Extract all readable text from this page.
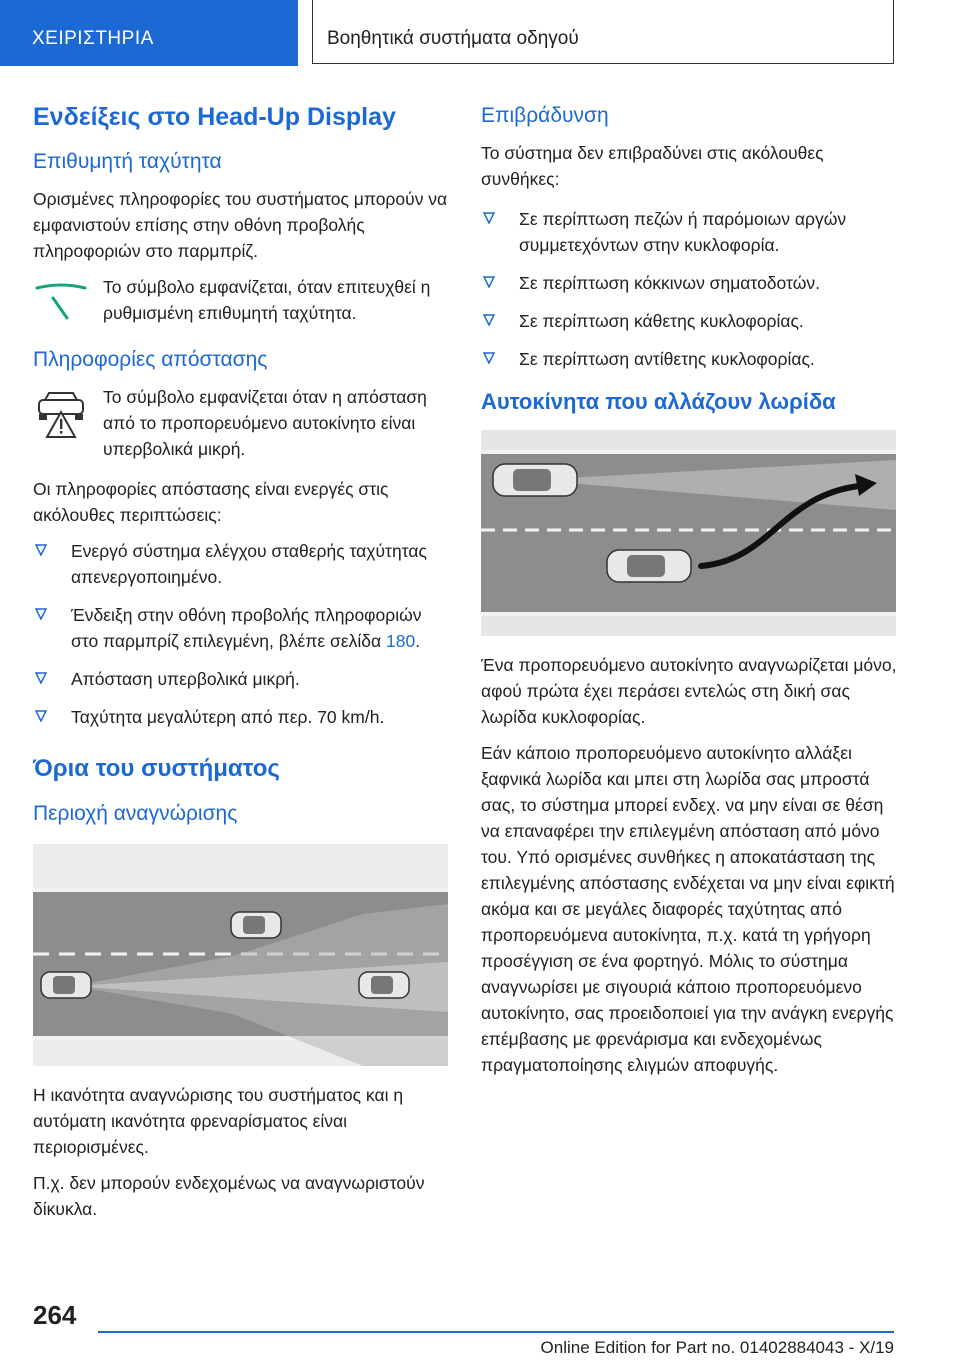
ΧΕΙΡΙΣΤΗΡΙΑ	Βοηθητικά συστήματα οδηγού
Ενδείξεις στο Head-Up Display
Επιθυμητή ταχύτητα

Ορισμένες πληροφορίες του συστήματος μπορούν να εμφανιστούν επίσης στην οθόνη προβολής πληροφοριών στο παρμπρίζ.

Το σύμβολο εμφανίζεται, όταν επιτευχθεί η ρυθμισμένη επιθυμητή ταχύτητα.

Πληροφορίες απόστασης

Το σύμβολο εμφανίζεται όταν η απόσταση από το προπορευόμενο αυτοκίνητο είναι υπερβολικά μικρή.

Οι πληροφορίες απόστασης είναι ενεργές στις ακόλουθες περιπτώσεις:

Ενεργό σύστημα ελέγχου σταθερής ταχύτητας απενεργοποιημένο.
Ένδειξη στην οθόνη προβολής πληροφοριών στο παρμπρίζ επιλεγμένη, βλέπε σελίδα 180.
Απόσταση υπερβολικά μικρή.
Ταχύτητα μεγαλύτερη από περ. 70 km/h.
Όρια του συστήματος
Περιοχή αναγνώρισης

Η ικανότητα αναγνώρισης του συστήματος και η αυτόματη ικανότητα φρεναρίσματος είναι περιορισμένες.

Π.χ. δεν μπορούν ενδεχομένως να αναγνωριστούν δίκυκλα.

Επιβράδυνση

Το σύστημα δεν επιβραδύνει στις ακόλουθες συνθήκες:

Σε περίπτωση πεζών ή παρόμοιων αργών συμμετεχόντων στην κυκλοφορία.
Σε περίπτωση κόκκινων σηματοδοτών.
Σε περίπτωση κάθετης κυκλοφορίας.
Σε περίπτωση αντίθετης κυκλοφορίας.
Αυτοκίνητα που αλλάζουν λωρίδα

Ένα προπορευόμενο αυτοκίνητο αναγνωρίζεται μόνο, αφού πρώτα έχει περάσει εντελώς στη δική σας λωρίδα κυκλοφορίας.

Εάν κάποιο προπορευόμενο αυτοκίνητο αλλάξει ξαφνικά λωρίδα και μπει στη λωρίδα σας μπροστά σας, το σύστημα μπορεί ενδεχ. να μην είναι σε θέση να επαναφέρει την επιλεγμένη απόσταση από μόνο του. Υπό ορισμένες συνθήκες η αποκατάσταση της επιλεγμένης απόστασης ενδέχεται να μην είναι εφικτή ακόμα και σε μεγάλες διαφορές ταχύτητας από προπορευόμενα αυτοκίνητα, π.χ. κατά τη γρήγορη προσέγγιση σε ένα φορτηγό. Μόλις το σύστημα αναγνωρίσει με σιγουριά κάποιο προπορευόμενο αυτοκίνητο, σας προειδοποιεί για την ανάγκη ενεργής επέμβασης με φρενάρισμα και ενδεχομένως πραγματοποίησης ελιγμών αποφυγής.

264
Online Edition for Part no. 01402884043 - X/19
